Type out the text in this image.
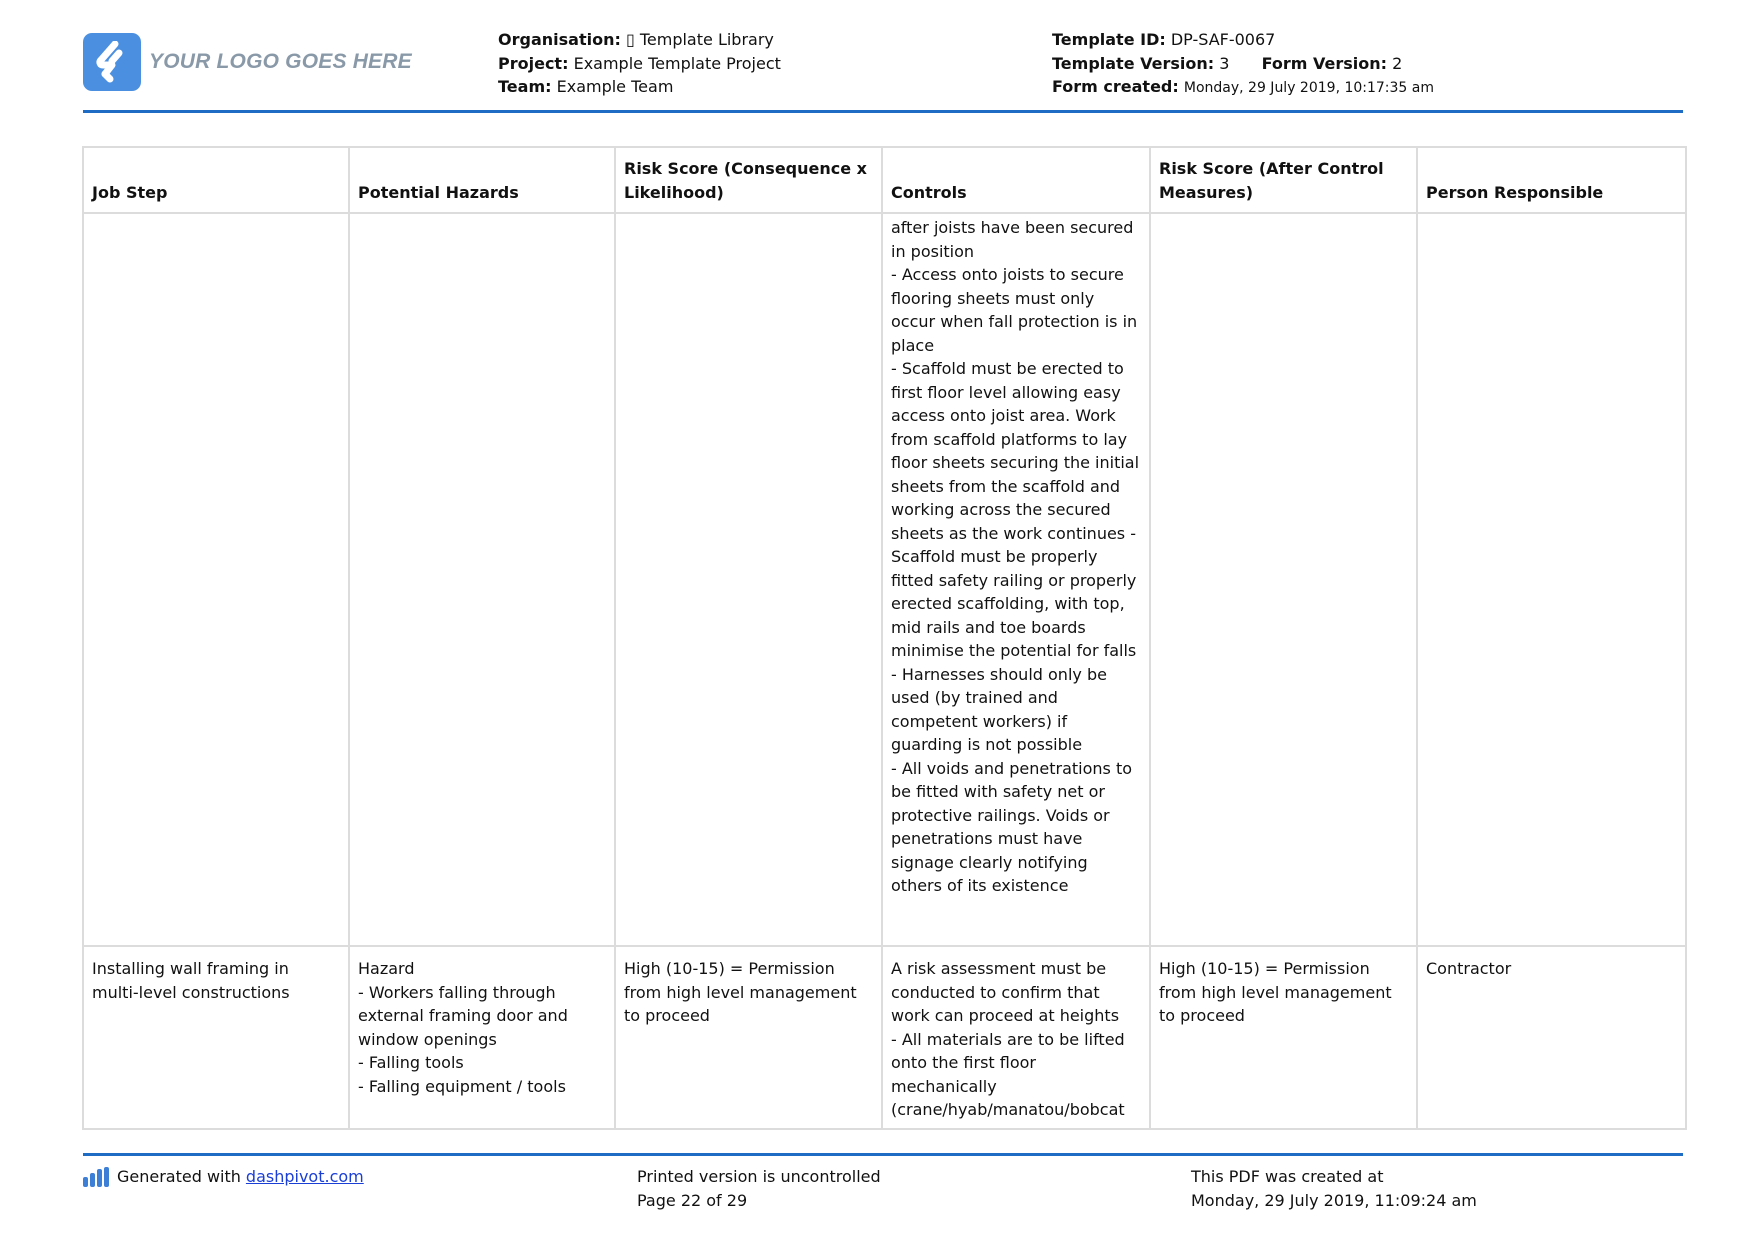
YOUR LOGO GOES HERE
Organisation: ▯ Template Library
Project: Example Template Project
Team: Example Team
Template ID: DP-SAF-0067
Template Version: 3 Form Version: 2
Form created: Monday, 29 July 2019, 10:17:35 am
Job Step	Potential Hazards	Risk Score (Consequence x Likelihood)	Controls	Risk Score (After Control Measures)	Person Responsible
			after joists have been secured in position
- Access onto joists to secure flooring sheets must only occur when fall protection is in place
- Scaffold must be erected to first floor level allowing easy access onto joist area. Work from scaffold platforms to lay floor sheets securing the initial sheets from the scaffold and working across the secured sheets as the work continues - Scaffold must be properly fitted safety railing or properly erected scaffolding, with top, mid rails and toe boards minimise the potential for falls
- Harnesses should only be used (by trained and competent workers) if guarding is not possible
- All voids and penetrations to be fitted with safety net or protective railings. Voids or penetrations must have signage clearly notifying others of its existence		
Installing wall framing in multi-level constructions	Hazard
- Workers falling through external framing door and window openings
- Falling tools
- Falling equipment / tools	High (10-15) = Permission from high level management to proceed	A risk assessment must be conducted to confirm that work can proceed at heights
- All materials are to be lifted onto the first floor mechanically (crane/hyab/manatou/bobcat	High (10-15) = Permission from high level management to proceed	Contractor
Generated with dashpivot.com	Printed version is uncontrolled
Page 22 of 29
This PDF was created at
Monday, 29 July 2019, 11:09:24 am
